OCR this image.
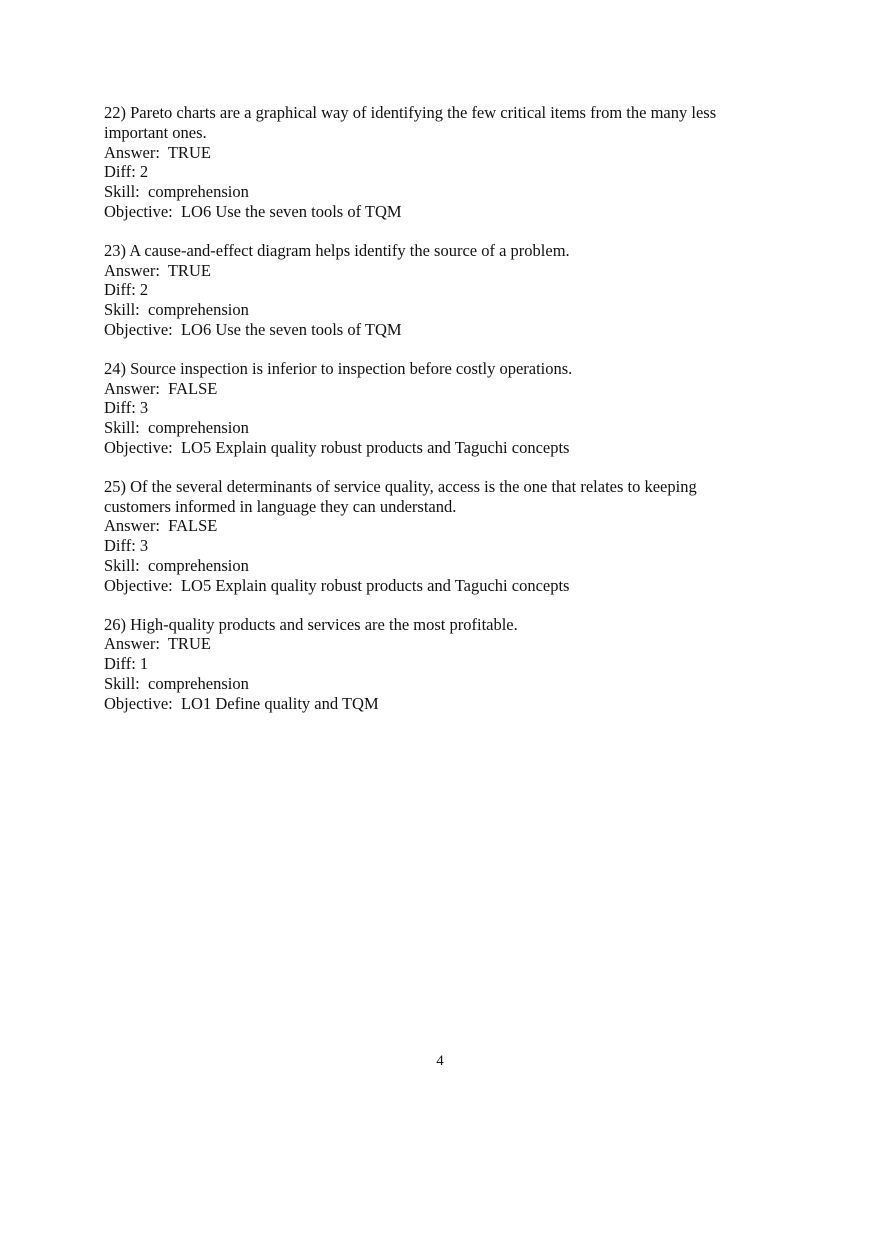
22) Pareto charts are a graphical way of identifying the few critical items from the many less important ones.
Answer:  TRUE
Diff: 2
Skill:  comprehension
Objective:  LO6 Use the seven tools of TQM
23) A cause-and-effect diagram helps identify the source of a problem.
Answer:  TRUE
Diff: 2
Skill:  comprehension
Objective:  LO6 Use the seven tools of TQM
24) Source inspection is inferior to inspection before costly operations.
Answer:  FALSE
Diff: 3
Skill:  comprehension
Objective:  LO5 Explain quality robust products and Taguchi concepts
25) Of the several determinants of service quality, access is the one that relates to keeping customers informed in language they can understand.
Answer:  FALSE
Diff: 3
Skill:  comprehension
Objective:  LO5 Explain quality robust products and Taguchi concepts
26) High-quality products and services are the most profitable.
Answer:  TRUE
Diff: 1
Skill:  comprehension
Objective:  LO1 Define quality and TQM
4
